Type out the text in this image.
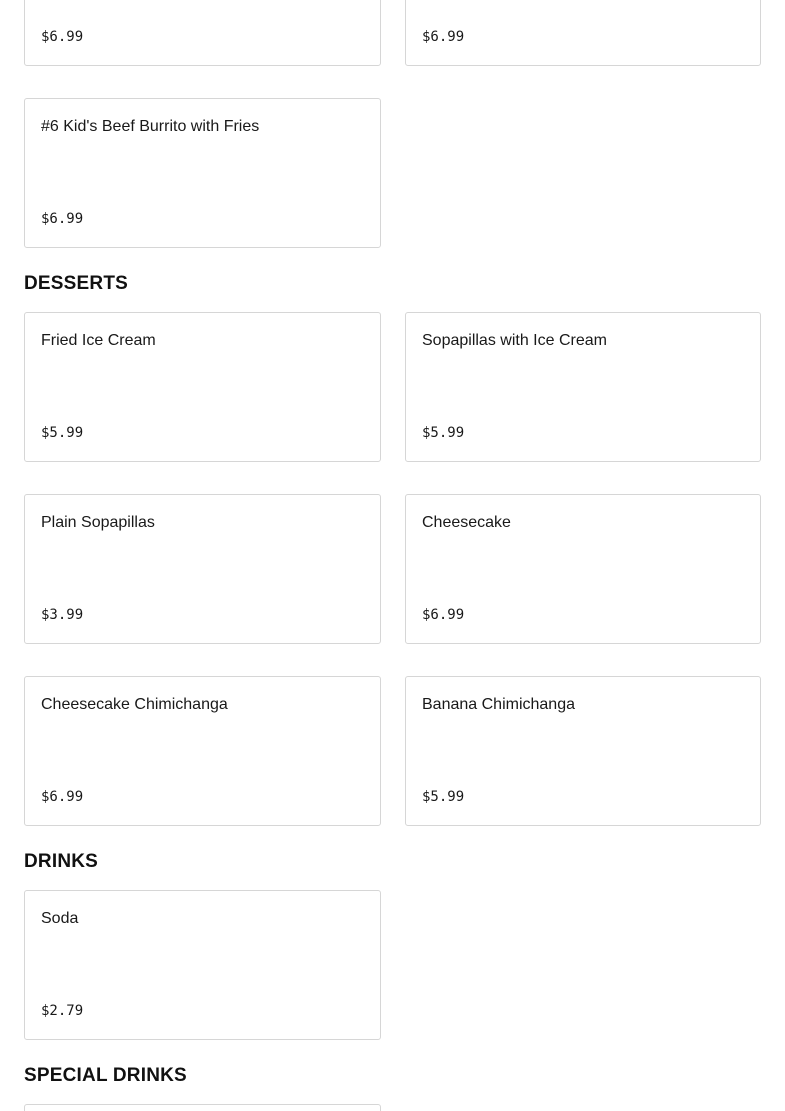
$6.99	$6.99
#6 Kid's Beef Burrito with Fries
$6.99
DESSERTS
Fried Ice Cream
$5.99
Sopapillas with Ice Cream
$5.99
Plain Sopapillas
$3.99
Cheesecake
$6.99
Cheesecake Chimichanga
$6.99
Banana Chimichanga
$5.99
DRINKS
Soda
$2.79
SPECIAL DRINKS
